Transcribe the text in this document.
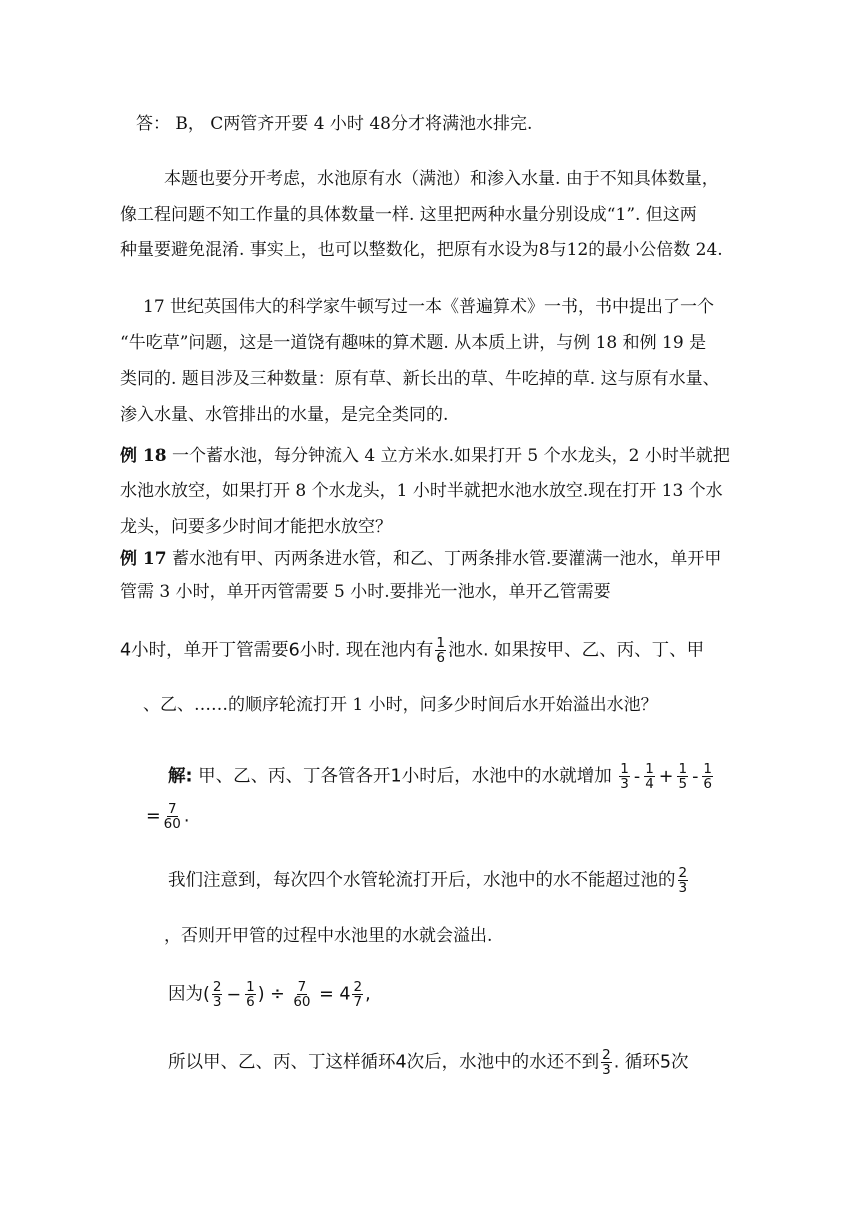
答： B， C两管齐开要 4 小时 48分才将满池水排完.
本题也要分开考虑，水池原有水（满池）和渗入水量. 由于不知具体数量，
像工程问题不知工作量的具体数量一样. 这里把两种水量分别设成“1”. 但这两
种量要避免混淆. 事实上，也可以整数化，把原有水设为8与12的最小公倍数 24.
17 世纪英国伟大的科学家牛顿写过一本《普遍算术》一书，书中提出了一个
“牛吃草”问题，这是一道饶有趣味的算术题. 从本质上讲，与例 18 和例 19 是
类同的. 题目涉及三种数量：原有草、新长出的草、牛吃掉的草. 这与原有水量、
渗入水量、水管排出的水量，是完全类同的.
例 18 一个蓄水池，每分钟流入 4 立方米水.如果打开 5 个水龙头，2 小时半就把
水池水放空，如果打开 8 个水龙头，1 小时半就把水池水放空.现在打开 13 个水
龙头，问要多少时间才能把水放空？
例 17 蓄水池有甲、丙两条进水管，和乙、丁两条排水管.要灌满一池水，单开甲
管需 3 小时，单开丙管需要 5 小时.要排光一池水，单开乙管需要
4小时，单开丁管需要6小时. 现在池内有 $\frac{1}{6}$ 池水. 如果按甲、乙、丙、丁、甲
、乙、……的顺序轮流打开 1 小时，问多少时间后水开始溢出水池？
解: 甲、乙、丙、丁各管各开1小时后，水池中的水就增加 $\frac{1}{3} - \frac{1}{4} + \frac{1}{5} - \frac{1}{6}$
= $\frac{7}{60}$ .
我们注意到，每次四个水管轮流打开后，水池中的水不能超过池的 $\frac{2}{3}$
，否则开甲管的过程中水池里的水就会溢出.
因为( $\frac{2}{3} - \frac{1}{6}$ ) ÷ $\frac{7}{60} = 4 \frac{2}{7}$ ,
所以甲、乙、丙、丁这样循环4次后，水池中的水还不到 $\frac{2}{3}$ . 循环5次
